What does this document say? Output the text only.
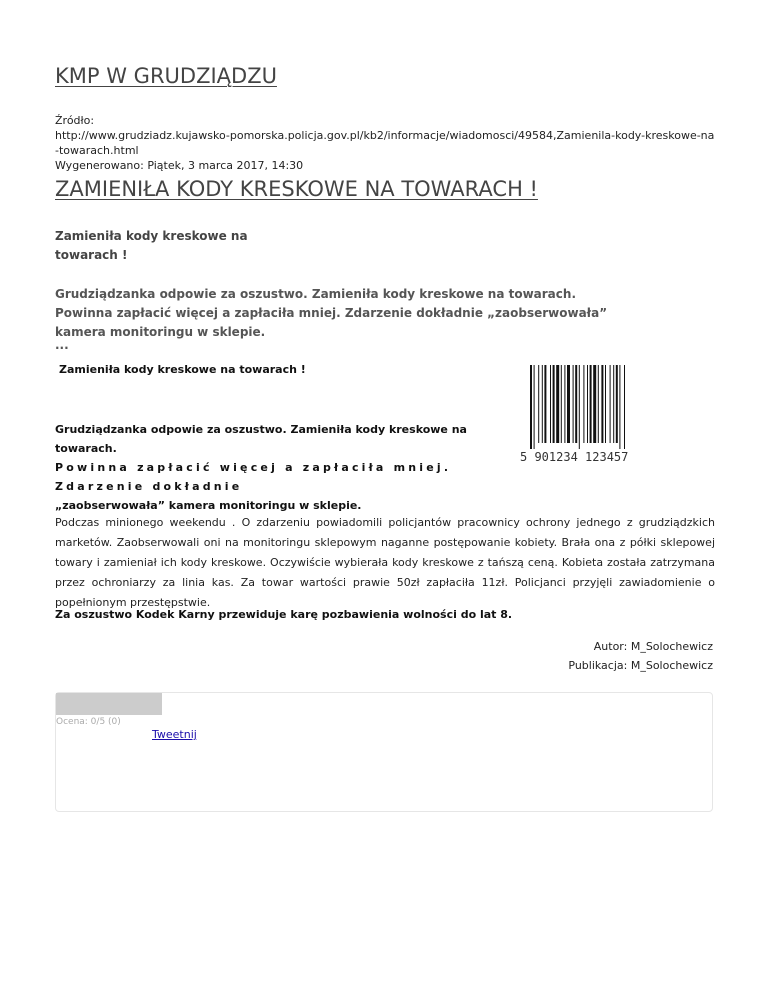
KMP W GRUDZIĄDZU
Źródło:
http://www.grudziadz.kujawsko-pomorska.policja.gov.pl/kb2/informacje/wiadomosci/49584,Zamienila-kody-kreskowe-na-towarach.html
Wygenerowano: Piątek, 3 marca 2017, 14:30
ZAMIENIŁA KODY KRESKOWE NA TOWARACH !
Zamieniła kody kreskowe na towarach !
Grudziądzanka odpowie za oszustwo. Zamieniła kody kreskowe na towarach. Powinna zapłacić więcej a zapłaciła mniej. Zdarzenie dokładnie „zaobserwowała” kamera monitoringu w sklepie.
...
Zamieniła kody kreskowe na towarach !
Grudziądzanka odpowie za oszustwo. Zamieniła kody kreskowe na towarach.
Powinna zapłacić więcej a zapłaciła mniej. Zdarzenie dokładnie
„zaobserwowała” kamera monitoringu w sklepie.
5 901234 123457
Podczas minionego weekendu . O zdarzeniu powiadomili policjantów pracownicy ochrony jednego z grudziądzkich marketów. Zaobserwowali oni na monitoringu sklepowym naganne postępowanie kobiety. Brała ona z półki sklepowej towary i zamieniał ich kody kreskowe. Oczywiście wybierała kody kreskowe z tańszą ceną. Kobieta została zatrzymana przez ochroniarzy za linia kas. Za towar wartości prawie 50zł zapłaciła 11zł. Policjanci przyjęli zawiadomienie o popełnionym przestępstwie.
Za oszustwo Kodek Karny przewiduje karę pozbawienia wolności do lat 8.
Autor: M_Solochewicz
Publikacja: M_Solochewicz
Ocena: 0/5 (0)
Tweetnij
